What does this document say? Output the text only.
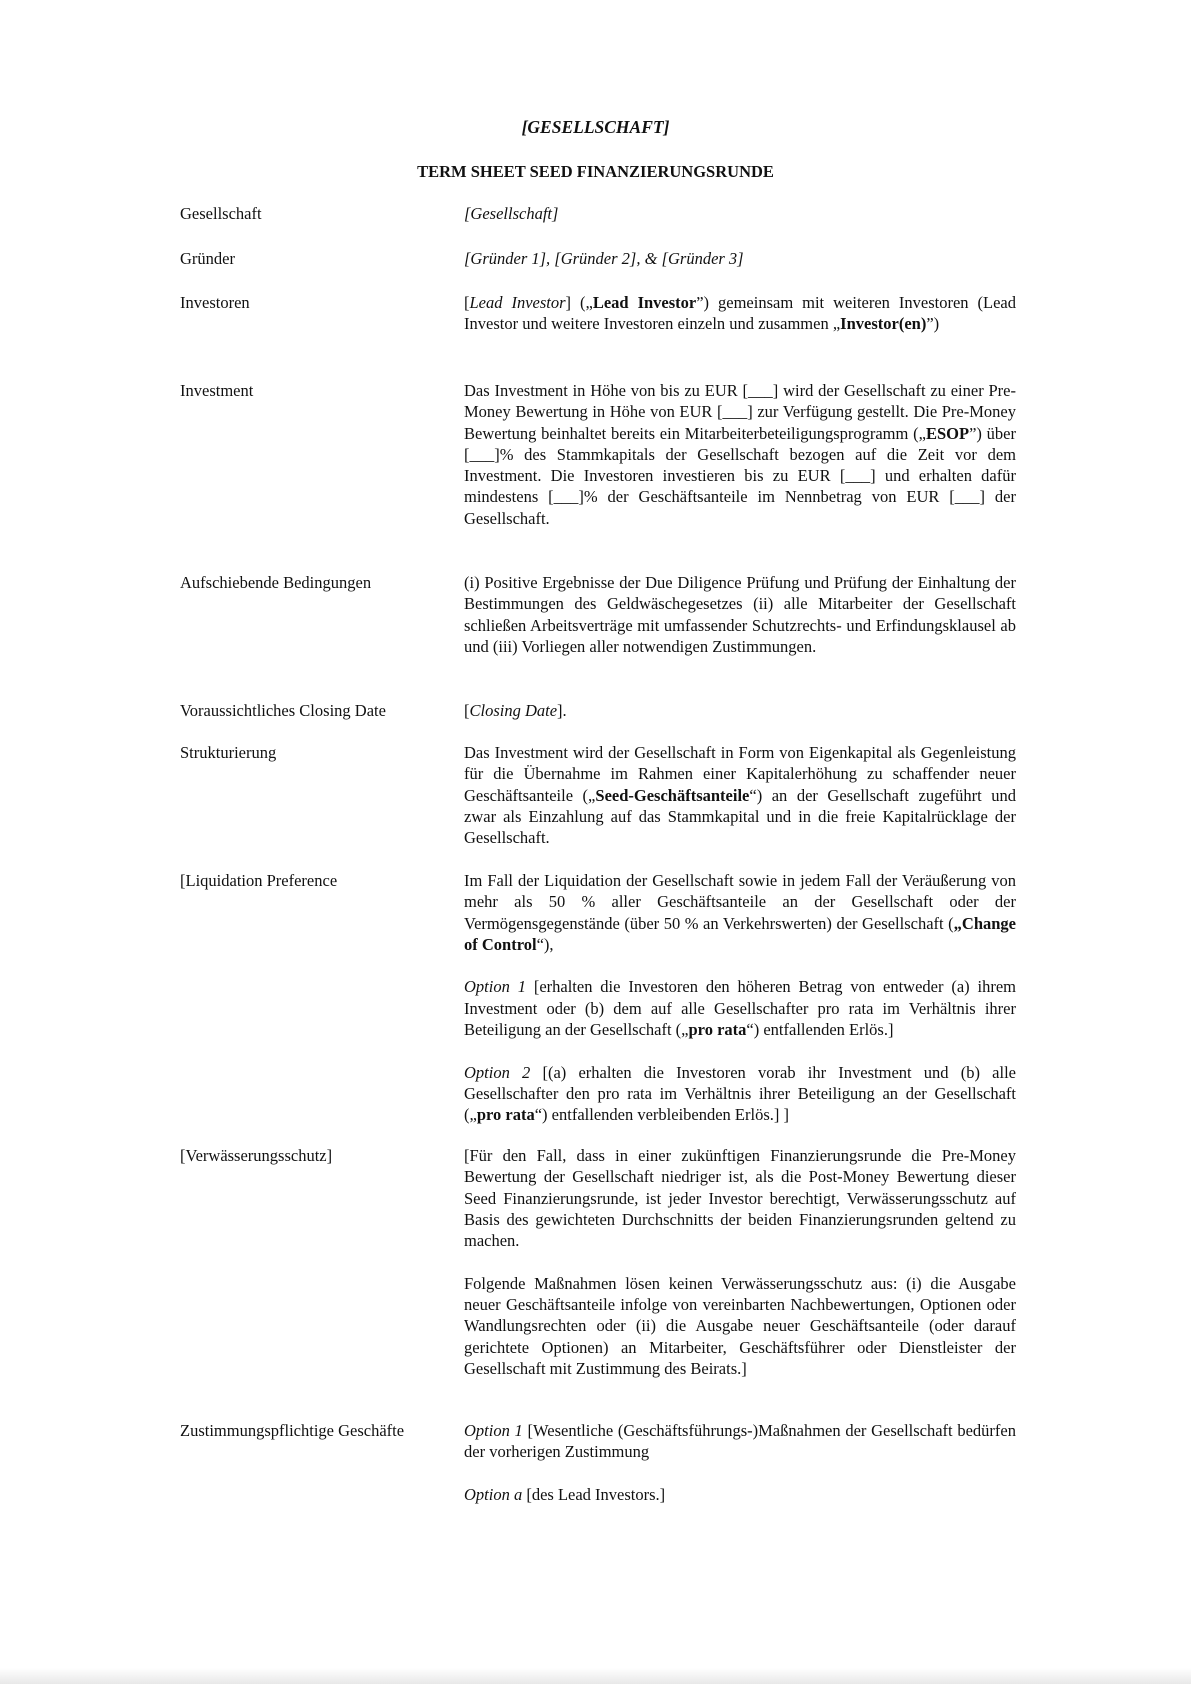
[GESELLSCHAFT]
TERM SHEET SEED FINANZIERUNGSRUNDE
Gesellschaft	[Gesellschaft]
Gründer	[Gründer 1], [Gründer 2], & [Gründer 3]
Investoren	[Lead Investor] („Lead Investor”) gemeinsam mit weiteren Investoren (Lead Investor und weitere Investoren einzeln und zusammen „Investor(en)”)

Investment	Das Investment in Höhe von bis zu EUR [___] wird der Gesellschaft zu einer Pre-Money Bewertung in Höhe von EUR [___] zur Verfügung gestellt. Die Pre-Money Bewertung beinhaltet bereits ein Mitarbeiterbeteiligungsprogramm („ESOP”) über [___]% des Stammkapitals der Gesellschaft bezogen auf die Zeit vor dem Investment. Die Investoren investieren bis zu EUR [___] und erhalten dafür mindestens [___]% der Geschäftsanteile im Nennbetrag von EUR [___] der Gesellschaft.

Aufschiebende Bedingungen	(i) Positive Ergebnisse der Due Diligence Prüfung und Prüfung der Einhaltung der Bestimmungen des Geldwäschegesetzes (ii) alle Mitarbeiter der Gesellschaft schließen Arbeitsverträge mit umfassender Schutzrechts- und Erfindungsklausel ab und (iii) Vorliegen aller notwendigen Zustimmungen.

Voraussichtliches Closing Date	[Closing Date].
Strukturierung	Das Investment wird der Gesellschaft in Form von Eigenkapital als Gegenleistung für die Übernahme im Rahmen einer Kapitalerhöhung zu schaffender neuer Geschäftsanteile („Seed-Geschäftsanteile“) an der Gesellschaft zugeführt und zwar als Einzahlung auf das Stammkapital und in die freie Kapitalrücklage der Gesellschaft.

[Liquidation Preference	Im Fall der Liquidation der Gesellschaft sowie in jedem Fall der Veräußerung von mehr als 50 % aller Geschäftsanteile an der Gesellschaft oder der Vermögensgegenstände (über 50 % an Verkehrswerten) der Gesellschaft („Change of Control“),

Option 1 [erhalten die Investoren den höheren Betrag von entweder (a) ihrem Investment oder (b) dem auf alle Gesellschafter pro rata im Verhältnis ihrer Beteiligung an der Gesellschaft („pro rata“) entfallenden Erlös.]

Option 2 [(a) erhalten die Investoren vorab ihr Investment und (b) alle Gesellschafter den pro rata im Verhältnis ihrer Beteiligung an der Gesellschaft („pro rata“) entfallenden verbleibenden Erlös.] ]

[Verwässerungsschutz]	[Für den Fall, dass in einer zukünftigen Finanzierungsrunde die Pre-Money Bewertung der Gesellschaft niedriger ist, als die Post-Money Bewertung dieser Seed Finanzierungsrunde, ist jeder Investor berechtigt, Verwässerungsschutz auf Basis des gewichteten Durchschnitts der beiden Finanzierungsrunden geltend zu machen.

Folgende Maßnahmen lösen keinen Verwässerungsschutz aus: (i) die Ausgabe neuer Geschäftsanteile infolge von vereinbarten Nachbewertungen, Optionen oder Wandlungsrechten oder (ii) die Ausgabe neuer Geschäftsanteile (oder darauf gerichtete Optionen) an Mitarbeiter, Geschäftsführer oder Dienstleister der Gesellschaft mit Zustimmung des Beirats.]

Zustimmungspflichtige Geschäfte	Option 1 [Wesentliche (Geschäftsführungs-)Maßnahmen der Gesellschaft bedürfen der vorherigen Zustimmung

Option a [des Lead Investors.]
